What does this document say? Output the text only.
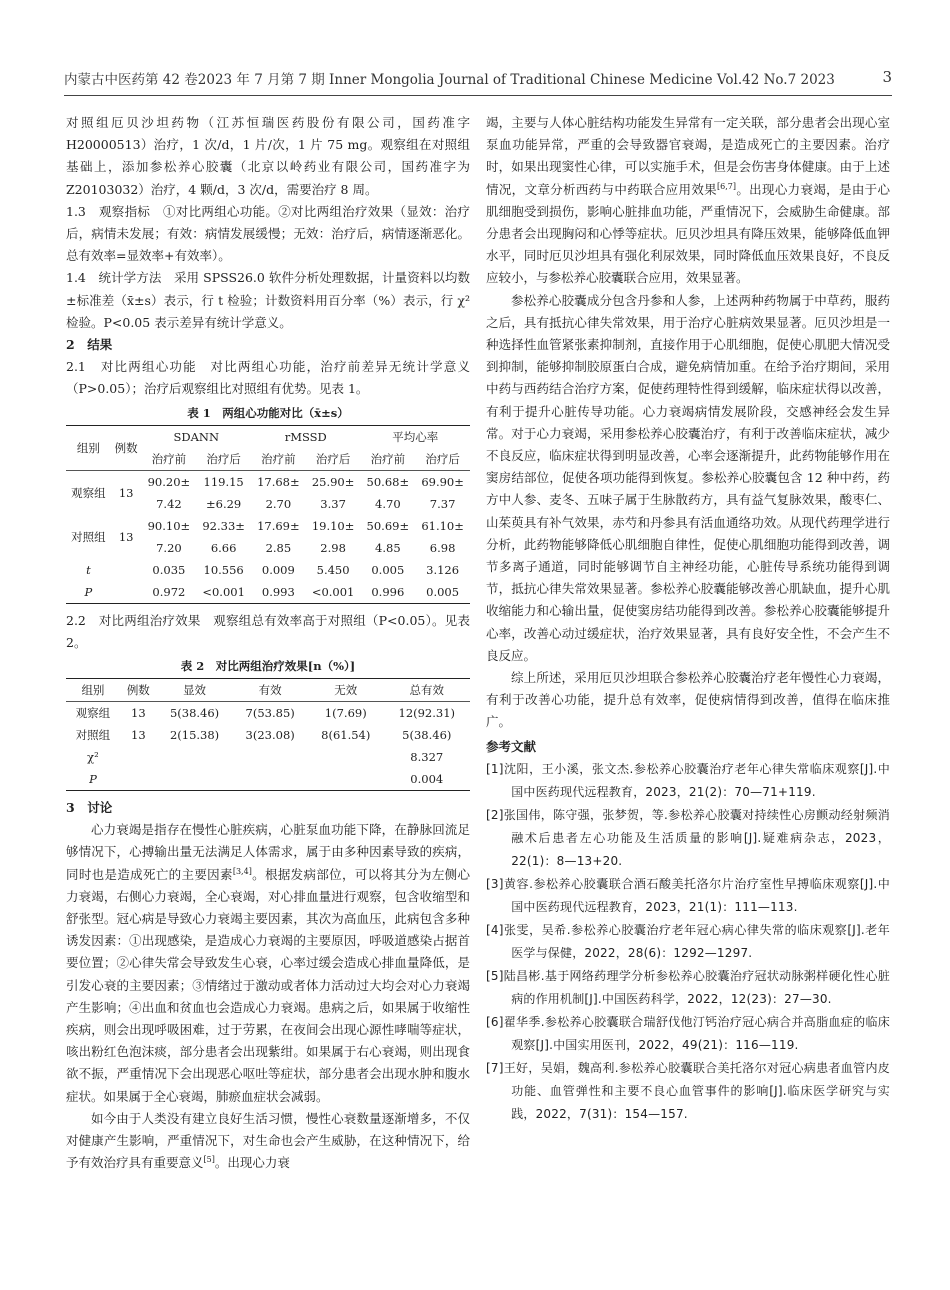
内蒙古中医药第 42 卷2023 年 7 月第 7 期 Inner Mongolia Journal of Traditional Chinese Medicine Vol.42 No.7 2023	3

对照组厄贝沙坦药物（江苏恒瑞医药股份有限公司，国药准字H20000513）治疗，1 次/d，1 片/次，1 片 75 mg。观察组在对照组基础上，添加参松养心胶囊（北京以岭药业有限公司，国药准字为 Z20103032）治疗，4 颗/d，3 次/d，需要治疗 8 周。

1.3　观察指标　①对比两组心功能。②对比两组治疗效果（显效：治疗后，病情未发展；有效：病情发展缓慢；无效：治疗后，病情逐渐恶化。总有效率=显效率+有效率）。

1.4　统计学方法　采用 SPSS26.0 软件分析处理数据，计量资料以均数±标准差（x̄±s）表示，行 t 检验；计数资料用百分率（%）表示，行 χ² 检验。P<0.05 表示差异有统计学意义。

2　结果

2.1　对比两组心功能　对比两组心功能，治疗前差异无统计学意义（P>0.05）；治疗后观察组比对照组有优势。见表 1。

表 1　两组心功能对比（x̄±s）
组别	例数	SDANN		rMSSD		平均心率	
		治疗前	治疗后	治疗前	治疗后	治疗前	治疗后
观察组	13	90.20±	119.15	17.68±	25.90±	50.68±	69.90±
		7.42	±6.29	2.70	3.37	4.70	7.37
对照组	13	90.10±	92.33±	17.69±	19.10±	50.69±	61.10±
		7.20	6.66	2.85	2.98	4.85	6.98
t		0.035	10.556	0.009	5.450	0.005	3.126
P		0.972	<0.001	0.993	<0.001	0.996	0.005

2.2　对比两组治疗效果　观察组总有效率高于对照组（P<0.05）。见表 2。

表 2　对比两组治疗效果[n（%）]
组别	例数	显效	有效	无效	总有效
观察组	13	5(38.46)	7(53.85)	1(7.69)	12(92.31)
对照组	13	2(15.38)	3(23.08)	8(61.54)	5(38.46)
χ²					8.327
P					0.004

3　讨论

心力衰竭是指存在慢性心脏疾病，心脏泵血功能下降，在静脉回流足够情况下，心搏输出量无法满足人体需求，属于由多种因素导致的疾病，同时也是造成死亡的主要因素[3,4]。根据发病部位，可以将其分为左侧心力衰竭，右侧心力衰竭，全心衰竭，对心排血量进行观察，包含收缩型和舒张型。冠心病是导致心力衰竭主要因素，其次为高血压，此病包含多种诱发因素：①出现感染，是造成心力衰竭的主要原因，呼吸道感染占据首要位置；②心律失常会导致发生心衰，心率过缓会造成心排血量降低，是引发心衰的主要因素；③情绪过于激动或者体力活动过大均会对心力衰竭产生影响；④出血和贫血也会造成心力衰竭。患病之后，如果属于收缩性疾病，则会出现呼吸困难，过于劳累，在夜间会出现心源性哮喘等症状，咳出粉红色泡沫痰，部分患者会出现紫绀。如果属于右心衰竭，则出现食欲不振，严重情况下会出现恶心呕吐等症状，部分患者会出现水肿和腹水症状。如果属于全心衰竭，肺瘀血症状会减弱。

如今由于人类没有建立良好生活习惯，慢性心衰数量逐渐增多，不仅对健康产生影响，严重情况下，对生命也会产生威胁，在这种情况下，给予有效治疗具有重要意义[5]。出现心力衰

竭，主要与人体心脏结构功能发生异常有一定关联，部分患者会出现心室泵血功能异常，严重的会导致器官衰竭，是造成死亡的主要因素。治疗时，如果出现窦性心律，可以实施手术，但是会伤害身体健康。由于上述情况，文章分析西药与中药联合应用效果[6,7]。出现心力衰竭，是由于心肌细胞受到损伤，影响心脏排血功能，严重情况下，会威胁生命健康。部分患者会出现胸闷和心悸等症状。厄贝沙坦具有降压效果，能够降低血钾水平，同时厄贝沙坦具有强化利尿效果，同时降低血压效果良好，不良反应较小，与参松养心胶囊联合应用，效果显著。

参松养心胶囊成分包含丹参和人参，上述两种药物属于中草药，服药之后，具有抵抗心律失常效果，用于治疗心脏病效果显著。厄贝沙坦是一种选择性血管紧张素抑制剂，直接作用于心肌细胞，促使心肌肥大情况受到抑制，能够抑制胶原蛋白合成，避免病情加重。在给予治疗期间，采用中药与西药结合治疗方案，促使药理特性得到缓解，临床症状得以改善，有利于提升心脏传导功能。心力衰竭病情发展阶段，交感神经会发生异常。对于心力衰竭，采用参松养心胶囊治疗，有利于改善临床症状，减少不良反应，临床症状得到明显改善，心率会逐渐提升，此药物能够作用在窦房结部位，促使各项功能得到恢复。参松养心胶囊包含 12 种中药，药方中人参、麦冬、五味子属于生脉散药方，具有益气复脉效果，酸枣仁、山茱萸具有补气效果，赤芍和丹参具有活血通络功效。从现代药理学进行分析，此药物能够降低心肌细胞自律性，促使心肌细胞功能得到改善，调节多离子通道，同时能够调节自主神经功能，心脏传导系统功能得到调节，抵抗心律失常效果显著。参松养心胶囊能够改善心肌缺血，提升心肌收缩能力和心输出量，促使窦房结功能得到改善。参松养心胶囊能够提升心率，改善心动过缓症状，治疗效果显著，具有良好安全性，不会产生不良反应。

综上所述，采用厄贝沙坦联合参松养心胶囊治疗老年慢性心力衰竭，有利于改善心功能，提升总有效率，促使病情得到改善，值得在临床推广。

参考文献

[1]沈阳，王小溪，张文杰.参松养心胶囊治疗老年心律失常临床观察[J].中国中医药现代远程教育，2023，21(2)：70—71+119.

[2]张国伟，陈守强，张梦贺，等.参松养心胶囊对持续性心房颤动经射频消融术后患者左心功能及生活质量的影响[J].疑难病杂志，2023，22(1)：8—13+20.

[3]黄容.参松养心胶囊联合酒石酸美托洛尔片治疗室性早搏临床观察[J].中国中医药现代远程教育，2023，21(1)：111—113.

[4]张雯，吴希.参松养心胶囊治疗老年冠心病心律失常的临床观察[J].老年医学与保健，2022，28(6)：1292—1297.

[5]陆昌彬.基于网络药理学分析参松养心胶囊治疗冠状动脉粥样硬化性心脏病的作用机制[J].中国医药科学，2022，12(23)：27—30.

[6]翟华季.参松养心胶囊联合瑞舒伐他汀钙治疗冠心病合并高脂血症的临床观察[J].中国实用医刊，2022，49(21)：116—119.

[7]王好，吴娟，魏高利.参松养心胶囊联合美托洛尔对冠心病患者血管内皮功能、血管弹性和主要不良心血管事件的影响[J].临床医学研究与实践，2022，7(31)：154—157.
